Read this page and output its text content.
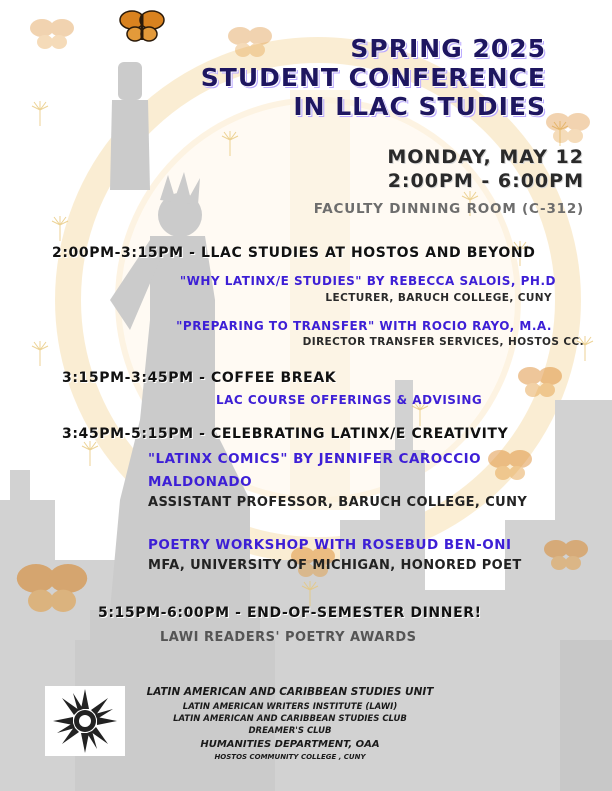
SPRING 2025
STUDENT CONFERENCE
IN LLAC STUDIES

MONDAY, MAY 12

2:00PM - 6:00PM

FACULTY DINNING ROOM (C-312)

2:00PM-3:15PM - LLAC STUDIES AT HOSTOS AND BEYOND

"WHY LATINX/E STUDIES" BY REBECCA SALOIS, PH.D

LECTURER, BARUCH COLLEGE, CUNY

"PREPARING TO TRANSFER" WITH ROCIO RAYO, M.A.

DIRECTOR TRANSFER SERVICES, HOSTOS CC.

3:15PM-3:45PM - COFFEE BREAK

LAC COURSE OFFERINGS & ADVISING

3:45PM-5:15PM - CELEBRATING LATINX/E CREATIVITY

"LATINX COMICS" BY JENNIFER CAROCCIO

MALDONADO

ASSISTANT PROFESSOR, BARUCH COLLEGE, CUNY

POETRY WORKSHOP WITH ROSEBUD BEN-ONI

MFA, UNIVERSITY OF MICHIGAN, HONORED POET

5:15PM-6:00PM - END-OF-SEMESTER DINNER!

LAWI READERS' POETRY AWARDS

LATIN AMERICAN AND CARIBBEAN STUDIES UNIT

LATIN AMERICAN WRITERS INSTITUTE (LAWI)

LATIN AMERICAN AND CARIBBEAN STUDIES CLUB

DREAMER'S CLUB

HUMANITIES DEPARTMENT, OAA

HOSTOS COMMUNITY COLLEGE , CUNY
